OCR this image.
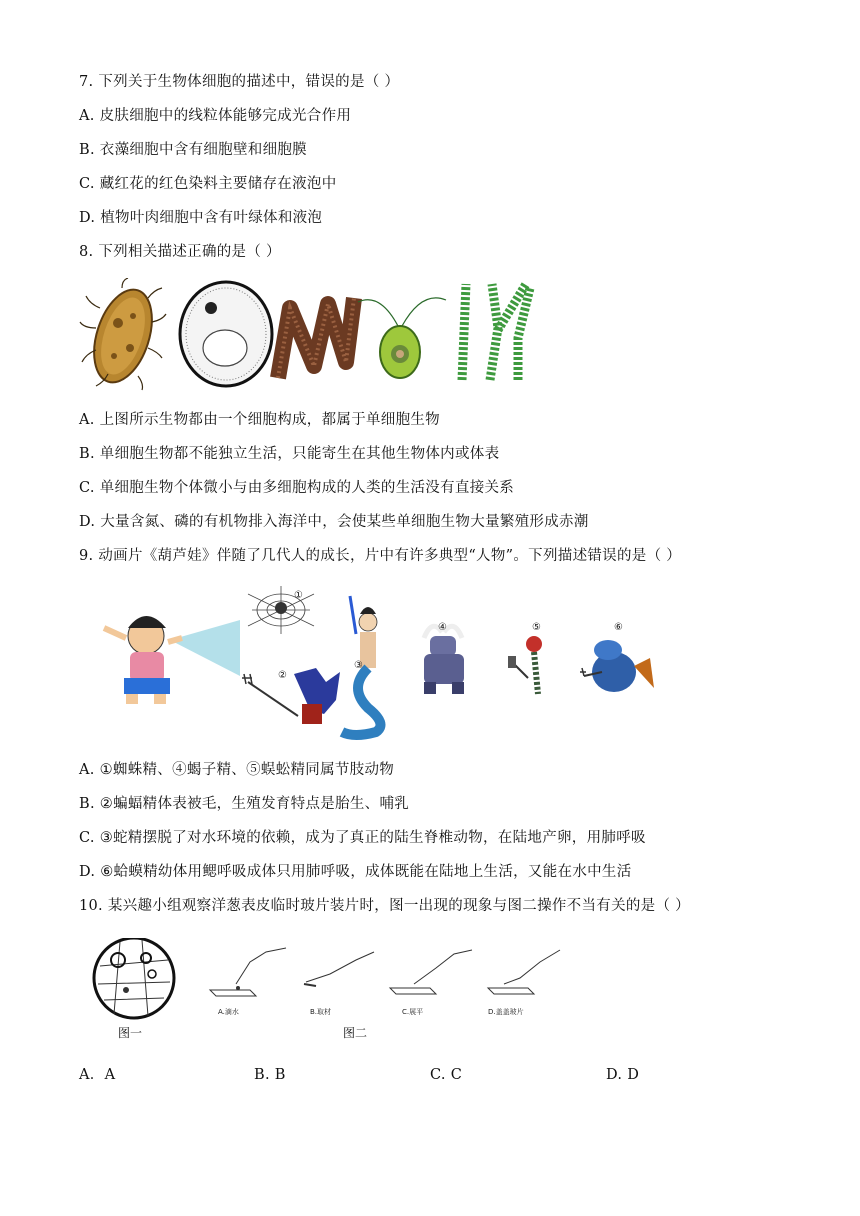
7. 下列关于生物体细胞的描述中，错误的是（ ）
A. 皮肤细胞中的线粒体能够完成光合作用
B. 衣藻细胞中含有细胞壁和细胞膜
C. 藏红花的红色染料主要储存在液泡中
D. 植物叶肉细胞中含有叶绿体和液泡
8. 下列相关描述正确的是（ ）
A. 上图所示生物都由一个细胞构成，都属于单细胞生物
B. 单细胞生物都不能独立生活，只能寄生在其他生物体内或体表
C. 单细胞生物个体微小与由多细胞构成的人类的生活没有直接关系
D. 大量含氮、磷的有机物排入海洋中，会使某些单细胞生物大量繁殖形成赤潮
9. 动画片《葫芦娃》伴随了几代人的成长，片中有许多典型“人物”。下列描述错误的是（ ）
①
②
③
④	⑤	⑥
A. ①蜘蛛精、④蝎子精、⑤蜈蚣精同属节肢动物
B. ②蝙蝠精体表被毛，生殖发育特点是胎生、哺乳
C. ③蛇精摆脱了对水环境的依赖，成为了真正的陆生脊椎动物，在陆地产卵，用肺呼吸
D. ⑥蛤蟆精幼体用鳃呼吸成体只用肺呼吸，成体既能在陆地上生活，又能在水中生活
10. 某兴趣小组观察洋葱表皮临时玻片装片时，图一出现的现象与图二操作不当有关的是（ ）
A.滴水	B.取材	C.展平	D.盖盖玻片
图一	图二
A．A	B. B	C. C	D. D
